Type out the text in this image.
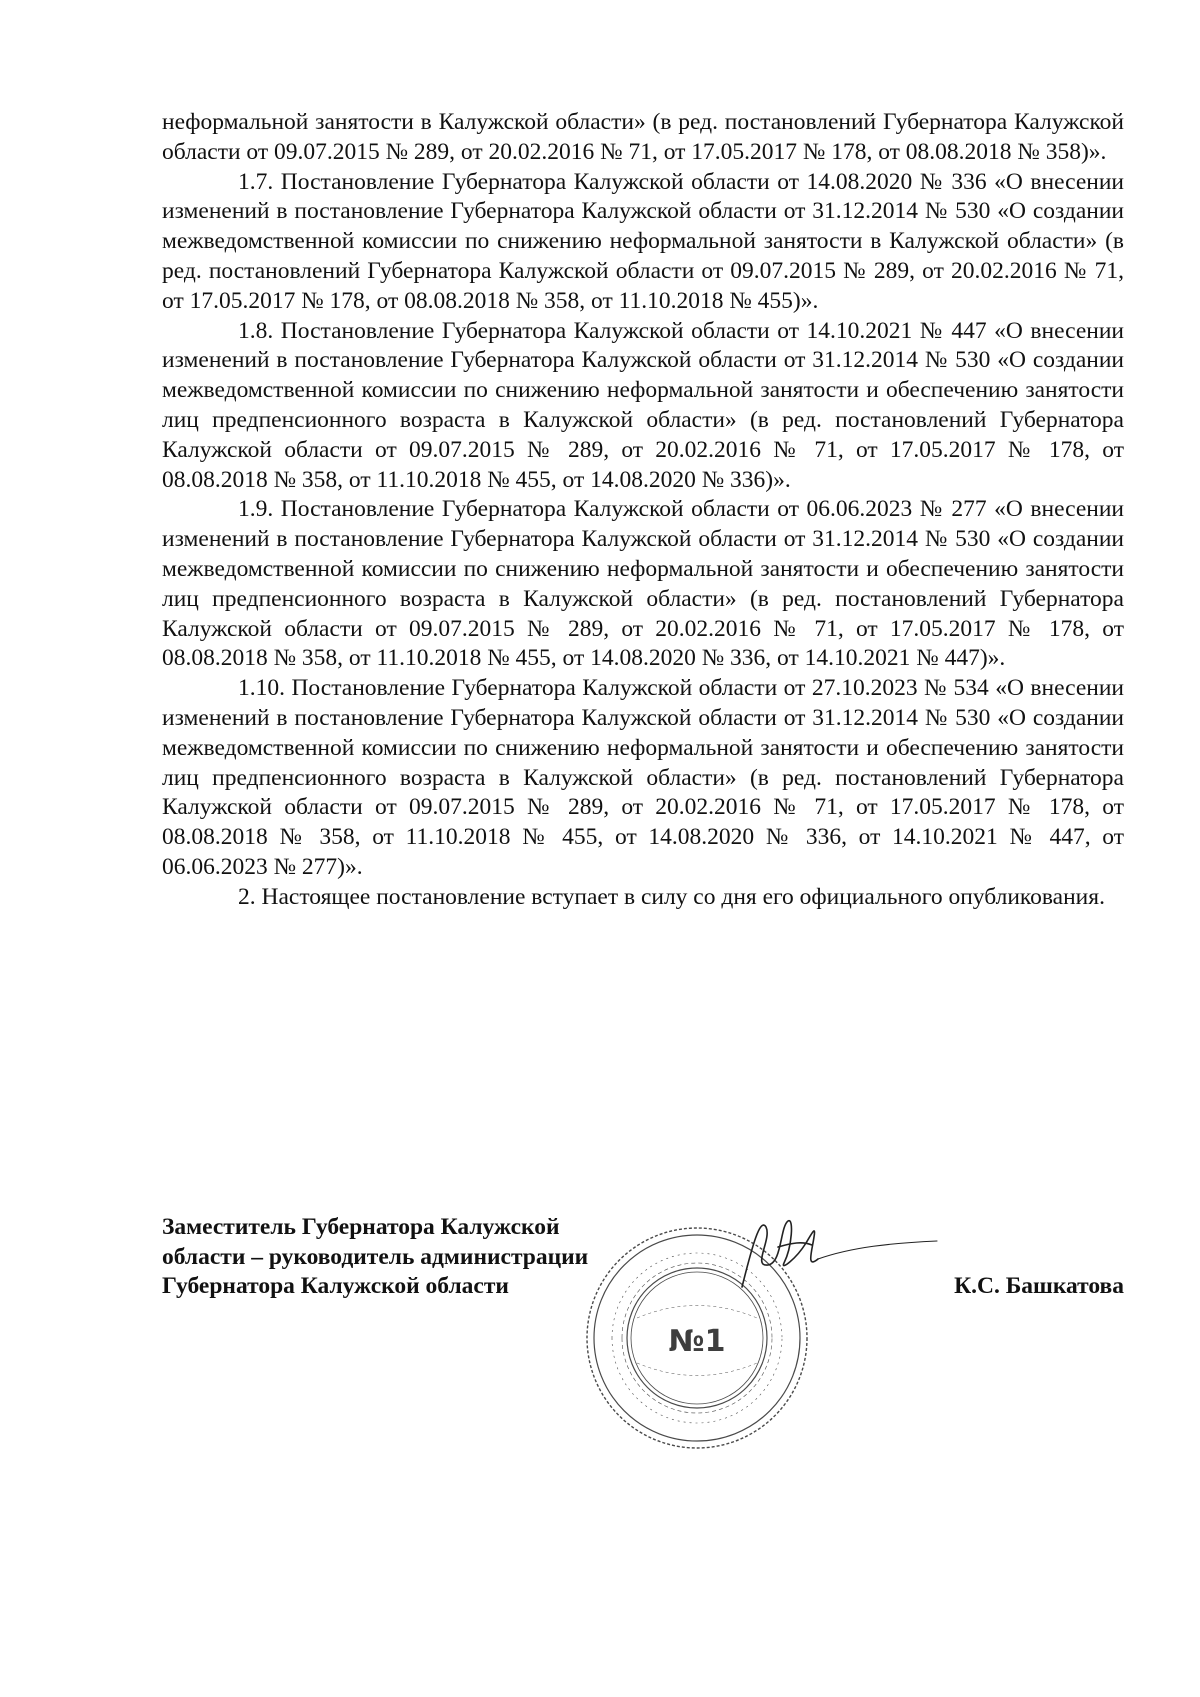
неформальной занятости в Калужской области» (в ред. постановлений Губернатора Калужской области от 09.07.2015 № 289, от 20.02.2016 № 71, от 17.05.2017 № 178, от 08.08.2018 № 358)».

1.7. Постановление Губернатора Калужской области от 14.08.2020 № 336 «О внесении изменений в постановление Губернатора Калужской области от 31.12.2014 № 530 «О создании межведомственной комиссии по снижению неформальной занятости в Калужской области» (в ред. постановлений Губернатора Калужской области от 09.07.2015 № 289, от 20.02.2016 № 71, от 17.05.2017 № 178, от 08.08.2018 № 358, от 11.10.2018 № 455)».

1.8. Постановление Губернатора Калужской области от 14.10.2021 № 447 «О внесении изменений в постановление Губернатора Калужской области от 31.12.2014 № 530 «О создании межведомственной комиссии по снижению неформальной занятости и обеспечению занятости лиц предпенсионного возраста в Калужской области» (в ред. постановлений Губернатора Калужской области от 09.07.2015 № 289, от 20.02.2016 № 71, от 17.05.2017 № 178, от 08.08.2018 № 358, от 11.10.2018 № 455, от 14.08.2020 № 336)».

1.9. Постановление Губернатора Калужской области от 06.06.2023 № 277 «О внесении изменений в постановление Губернатора Калужской области от 31.12.2014 № 530 «О создании межведомственной комиссии по снижению неформальной занятости и обеспечению занятости лиц предпенсионного возраста в Калужской области» (в ред. постановлений Губернатора Калужской области от 09.07.2015 № 289, от 20.02.2016 № 71, от 17.05.2017 № 178, от 08.08.2018 № 358, от 11.10.2018 № 455, от 14.08.2020 № 336, от 14.10.2021 № 447)».

1.10. Постановление Губернатора Калужской области от 27.10.2023 № 534 «О внесении изменений в постановление Губернатора Калужской области от 31.12.2014 № 530 «О создании межведомственной комиссии по снижению неформальной занятости и обеспечению занятости лиц предпенсионного возраста в Калужской области» (в ред. постановлений Губернатора Калужской области от 09.07.2015 № 289, от 20.02.2016 № 71, от 17.05.2017 № 178, от 08.08.2018 № 358, от 11.10.2018 № 455, от 14.08.2020 № 336, от 14.10.2021 № 447, от 06.06.2023 № 277)».

2. Настоящее постановление вступает в силу со дня его официального опубликования.

Заместитель Губернатора Калужской
области – руководитель администрации
Губернатора Калужской области

№1
К.С. Башкатова
